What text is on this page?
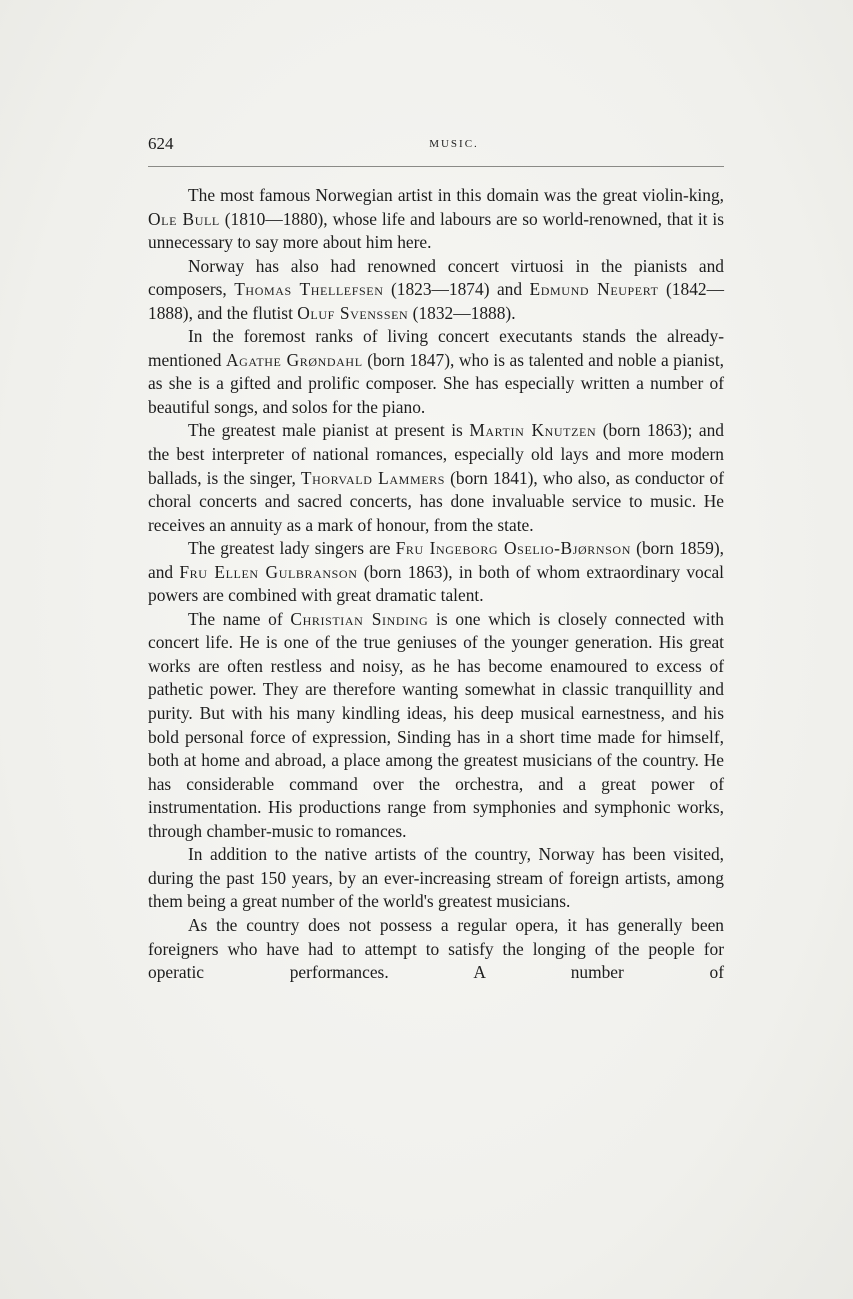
624	MUSIC.

The most famous Norwegian artist in this domain was the great violin-king, Ole Bull (1810—1880), whose life and labours are so world-renowned, that it is unnecessary to say more about him here.

Norway has also had renowned concert virtuosi in the pianists and composers, Thomas Thellefsen (1823—1874) and Edmund Neupert (1842—1888), and the flutist Oluf Svenssen (1832—1888).

In the foremost ranks of living concert executants stands the already-mentioned Agathe Grøndahl (born 1847), who is as talented and noble a pianist, as she is a gifted and prolific composer. She has especially written a number of beautiful songs, and solos for the piano.

The greatest male pianist at present is Martin Knutzen (born 1863); and the best interpreter of national romances, especially old lays and more modern ballads, is the singer, Thorvald Lammers (born 1841), who also, as conductor of choral concerts and sacred concerts, has done invaluable service to music. He receives an annuity as a mark of honour, from the state.

The greatest lady singers are Fru Ingeborg Oselio-Bjørnson (born 1859), and Fru Ellen Gulbranson (born 1863), in both of whom extraordinary vocal powers are combined with great dramatic talent.

The name of Christian Sinding is one which is closely connected with concert life. He is one of the true geniuses of the younger generation. His great works are often restless and noisy, as he has become enamoured to excess of pathetic power. They are therefore wanting somewhat in classic tranquillity and purity. But with his many kindling ideas, his deep musical earnestness, and his bold personal force of expression, Sinding has in a short time made for himself, both at home and abroad, a place among the greatest musicians of the country. He has considerable command over the orchestra, and a great power of instrumentation. His productions range from symphonies and symphonic works, through chamber-music to romances.

In addition to the native artists of the country, Norway has been visited, during the past 150 years, by an ever-increasing stream of foreign artists, among them being a great number of the world's greatest musicians.

As the country does not possess a regular opera, it has generally been foreigners who have had to attempt to satisfy the longing of the people for operatic performances. A number of
